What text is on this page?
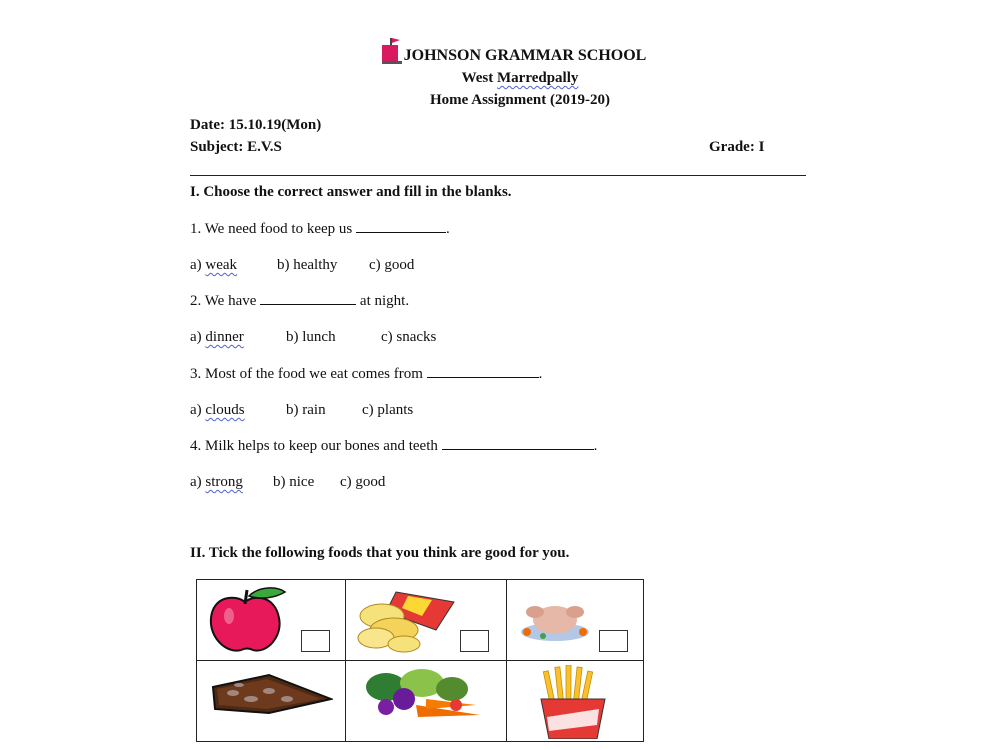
JOHNSON GRAMMAR SCHOOL
West Marredpally
Home Assignment (2019-20)
Date: 15.10.19(Mon)
Subject: E.V.S	Grade: I
I. Choose the correct answer and fill in the blanks.
1. We need food to keep us	.
a) weak	b) healthy c) good
2. We have	at night.
a) dinner	b) lunch	c) snacks
3. Most of the food we eat comes from	.
a) clouds	b) rain c) plants
4. Milk helps to keep our bones and teeth	.
a) strong b) nice c) good
II. Tick the following foods that you think are good for you.
